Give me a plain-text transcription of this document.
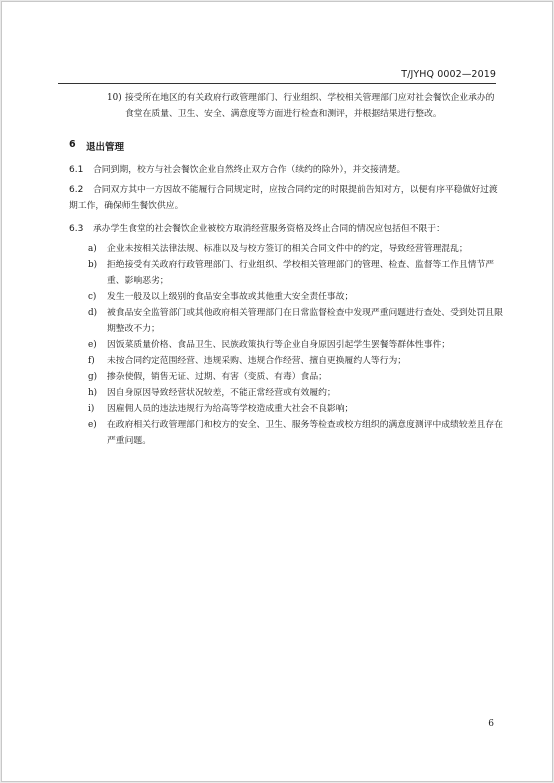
T/JYHQ 0002—2019
10) 接受所在地区的有关政府行政管理部门、行业组织、学校相关管理部门应对社会餐饮企业承办的食堂在质量、卫生、安全、满意度等方面进行检查和测评，并根据结果进行整改。
6 退出管理
6.1 合同到期，校方与社会餐饮企业自然终止双方合作（续约的除外），并交接清楚。
6.2	合同双方其中一方因故不能履行合同规定时，应按合同约定的时限提前告知对方，以便有序平稳做好过渡期工作，确保师生餐饮供应。
6.3 承办学生食堂的社会餐饮企业被校方取消经营服务资格及终止合同的情况应包括但不限于：
a)	企业未按相关法律法规、标准以及与校方签订的相关合同文件中的约定，导致经营管理混乱；
b)	拒绝接受有关政府行政管理部门、行业组织、学校相关管理部门的管理、检查、监督等工作且情节严重、影响恶劣；
c)	发生一般及以上级别的食品安全事故或其他重大安全责任事故；
d)	被食品安全监管部门或其他政府相关管理部门在日常监督检查中发现严重问题进行查处、受到处罚且限期整改不力；
e)	因饭菜质量价格、食品卫生、民族政策执行等企业自身原因引起学生罢餐等群体性事件；
f)	未按合同约定范围经营、违规采购、违规合作经营、擅自更换履约人等行为；
g)	掺杂使假，销售无证、过期、有害（变质、有毒）食品；
h)	因自身原因导致经营状况较差，不能正常经营或有效履约；
i)	因雇佣人员的违法违规行为给高等学校造成重大社会不良影响；
e)	在政府相关行政管理部门和校方的安全、卫生、服务等检查或校方组织的满意度测评中成绩较差且存在严重问题。
6
